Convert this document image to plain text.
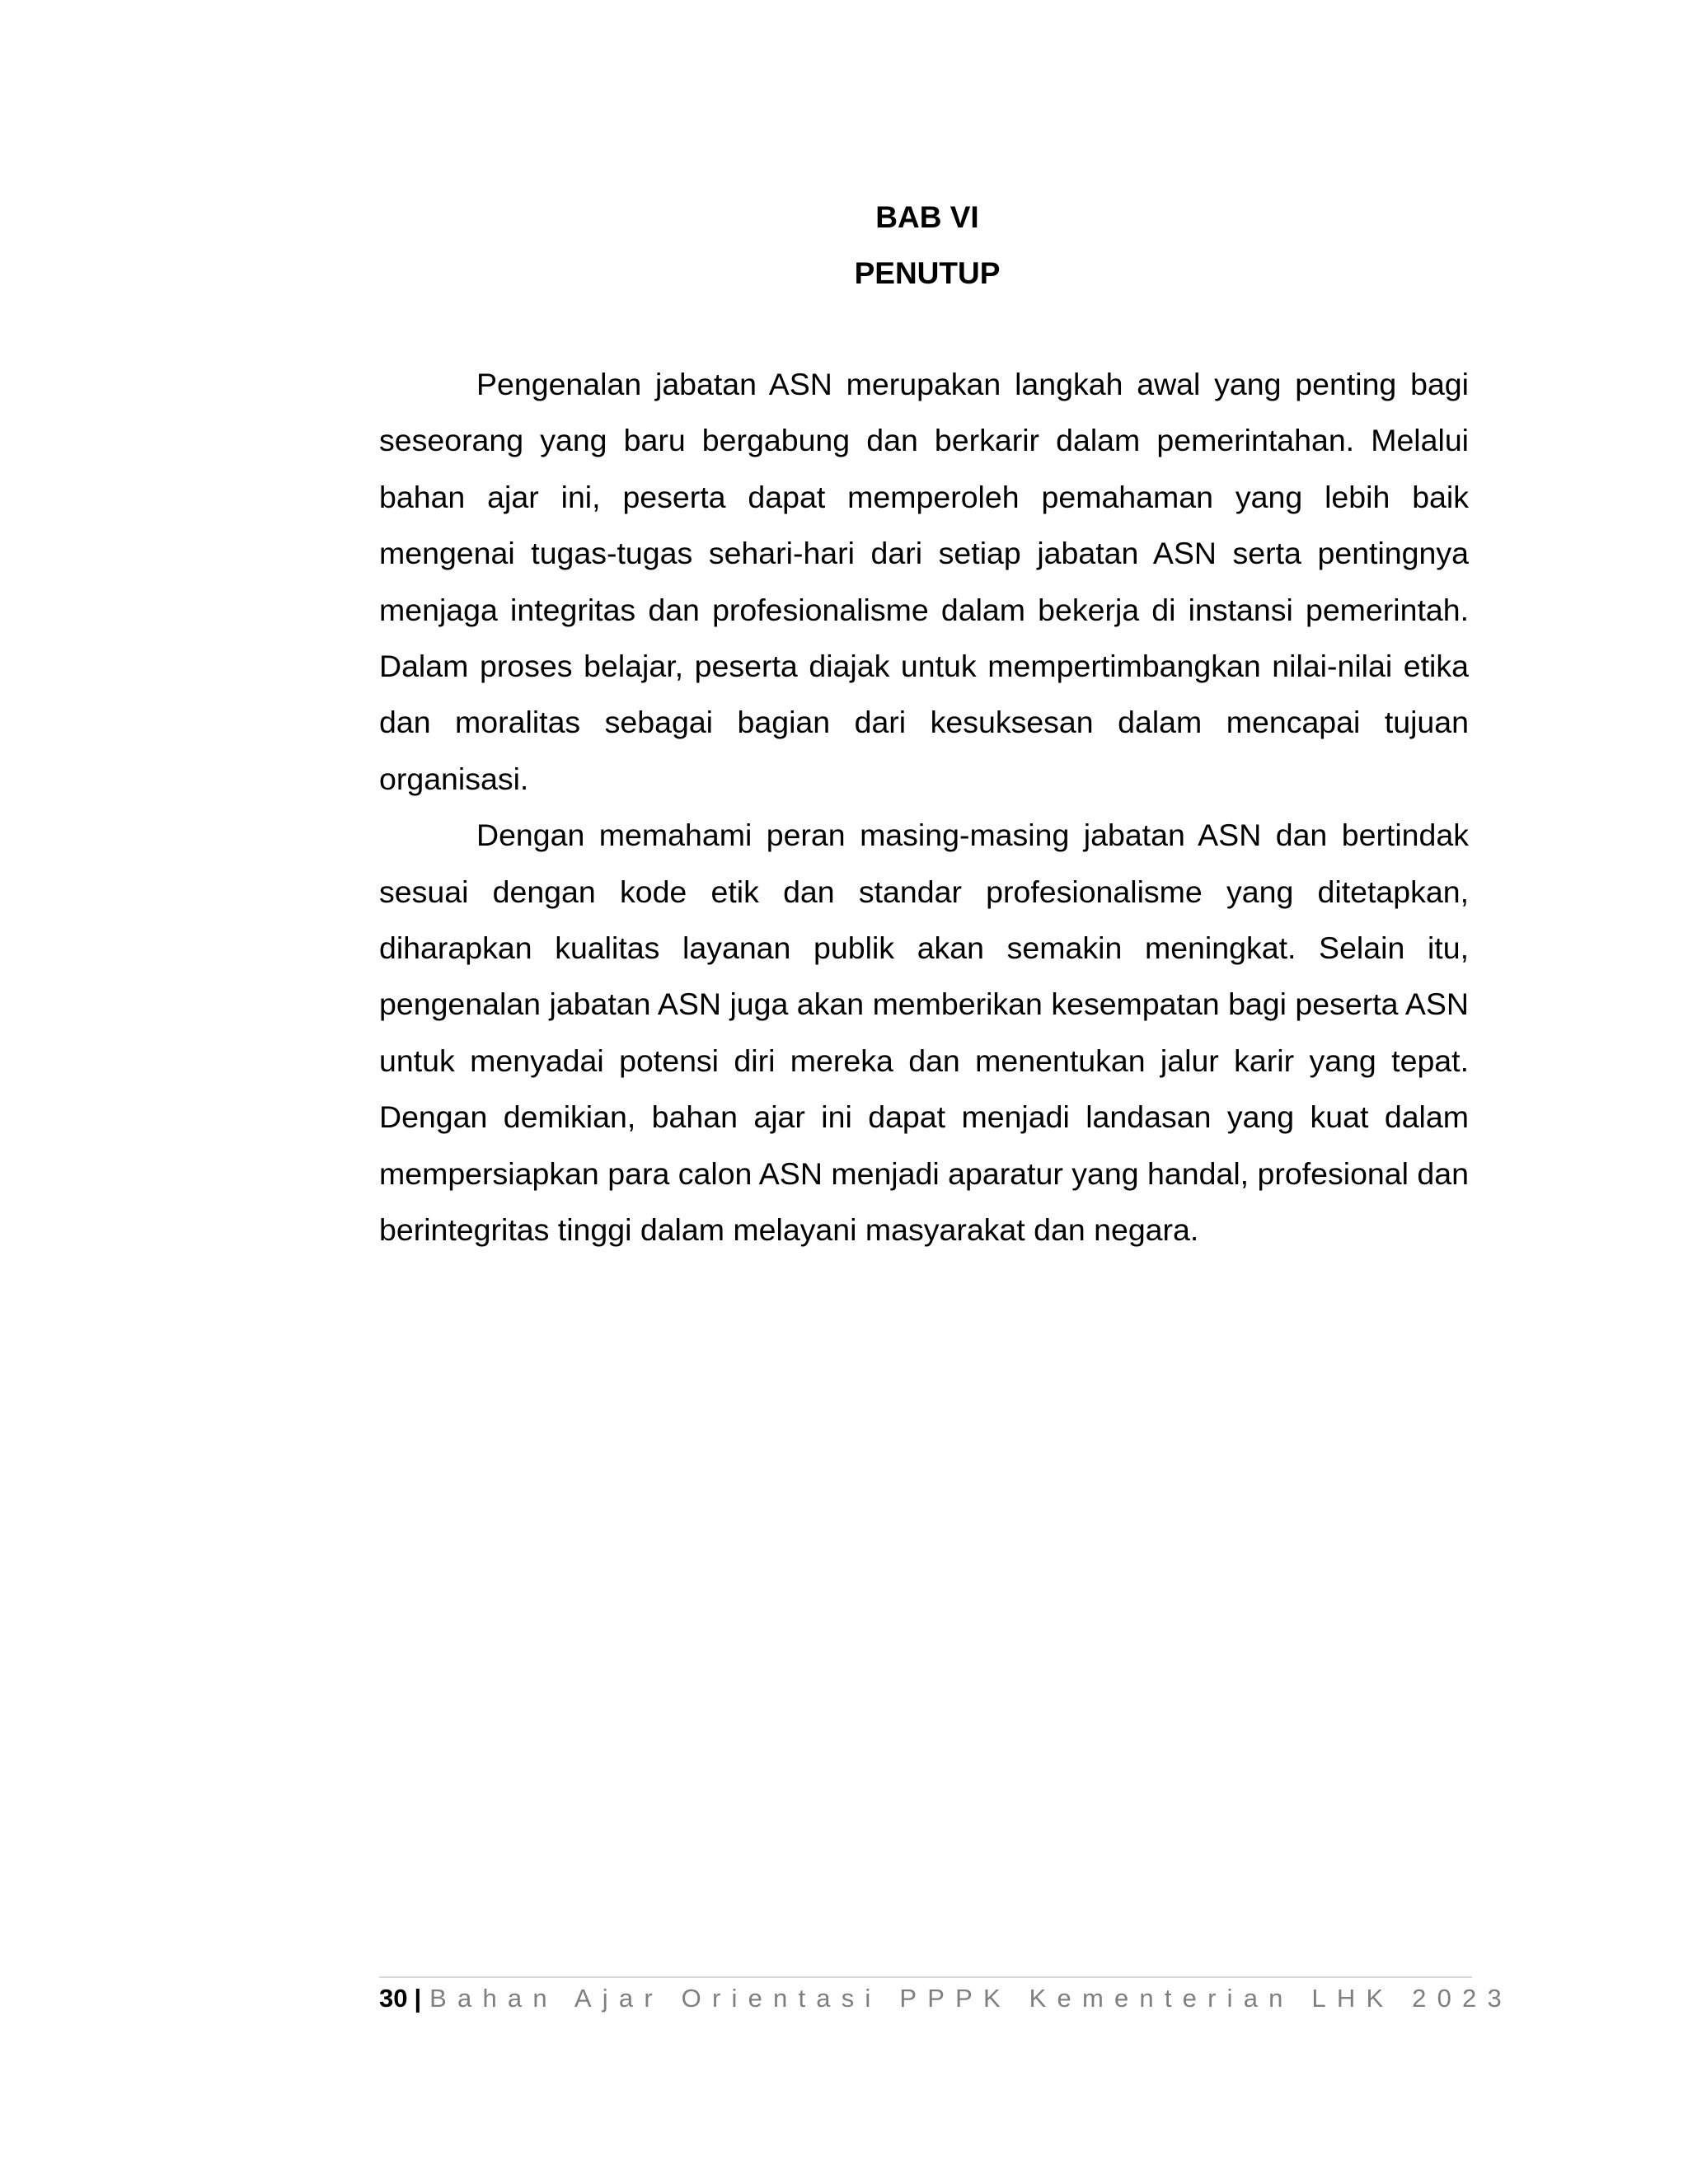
BAB VI
PENUTUP

Pengenalan jabatan ASN merupakan langkah awal yang penting bagi seseorang yang baru bergabung dan berkarir dalam pemerintahan. Melalui bahan ajar ini, peserta dapat memperoleh pemahaman yang lebih baik mengenai tugas-tugas sehari-hari dari setiap jabatan ASN serta pentingnya menjaga integritas dan profesionalisme dalam bekerja di instansi pemerintah. Dalam proses belajar, peserta diajak untuk mempertimbangkan nilai-nilai etika dan moralitas sebagai bagian dari kesuksesan dalam mencapai tujuan organisasi.

Dengan memahami peran masing-masing jabatan ASN dan bertindak sesuai dengan kode etik dan standar profesionalisme yang ditetapkan, diharapkan kualitas layanan publik akan semakin meningkat. Selain itu, pengenalan jabatan ASN juga akan memberikan kesempatan bagi peserta ASN untuk menyadai potensi diri mereka dan menentukan jalur karir yang tepat. Dengan demikian, bahan ajar ini dapat menjadi landasan yang kuat dalam mempersiapkan para calon ASN menjadi aparatur yang handal, profesional dan berintegritas tinggi dalam melayani masyarakat dan negara.

30 | Bahan Ajar Orientasi PPPK Kementerian LHK 2023
